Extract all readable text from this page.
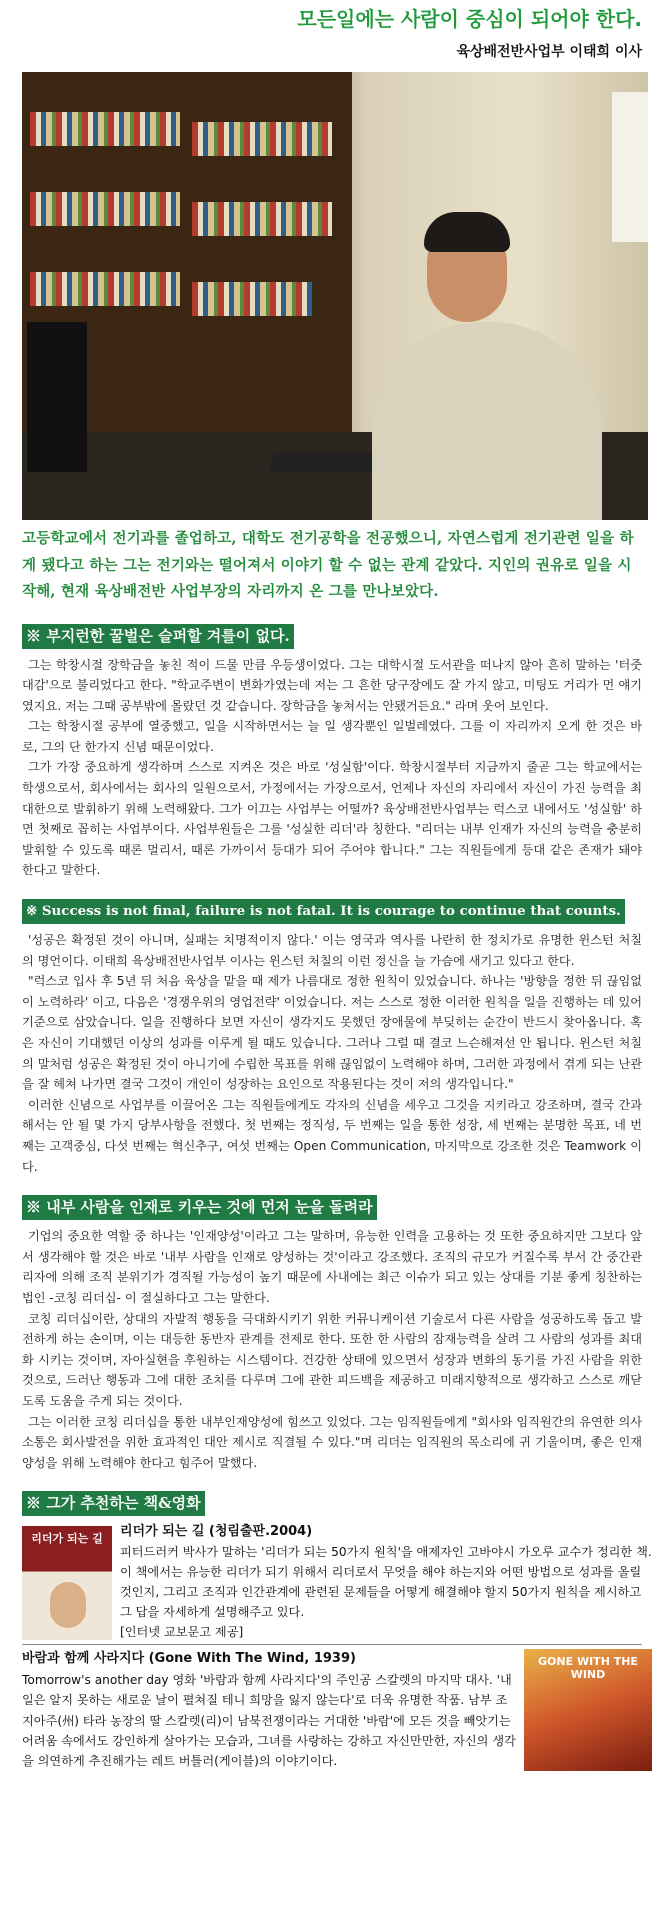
모든일에는 사람이 중심이 되어야 한다.
육상배전반사업부 이태희 이사
고등학교에서 전기과를 졸업하고, 대학도 전기공학을 전공했으니, 자연스럽게 전기관련 일을 하게 됐다고 하는 그는 전기와는 떨어져서 이야기 할 수 없는 관계 같았다. 지인의 권유로 일을 시작해, 현재 육상배전반 사업부장의 자리까지 온 그를 만나보았다.
※ 부지런한 꿀벌은 슬퍼할 겨를이 없다.

그는 학창시절 장학금을 놓친 적이 드물 만큼 우등생이었다. 그는 대학시절 도서관을 떠나지 않아 흔히 말하는 '터줏대감'으로 불리었다고 한다. "학교주변이 변화가였는데 저는 그 흔한 당구장에도 잘 가지 않고, 미팅도 거리가 먼 얘기였지요. 저는 그때 공부밖에 몰랐던 것 같습니다. 장학금을 놓쳐서는 안됐거든요." 라며 웃어 보인다.

그는 학창시절 공부에 열중했고, 일을 시작하면서는 늘 일 생각뿐인 일벌레였다. 그를 이 자리까지 오게 한 것은 바로, 그의 단 한가지 신념 때문이었다.

그가 가장 중요하게 생각하며 스스로 지켜온 것은 바로 '성실함'이다. 학창시절부터 지금까지 줄곧 그는 학교에서는 학생으로서, 회사에서는 회사의 일원으로서, 가정에서는 가장으로서, 언제나 자신의 자리에서 자신이 가진 능력을 최대한으로 발휘하기 위해 노력해왔다. 그가 이끄는 사업부는 어떨까? 육상배전반사업부는 럭스코 내에서도 '성실함' 하면 첫째로 꼽히는 사업부이다. 사업부원들은 그를 '성실한 리더'라 칭한다. "리더는 내부 인재가 자신의 능력을 충분히 발휘할 수 있도록 때론 멀리서, 때론 가까이서 등대가 되어 주어야 합니다." 그는 직원들에게 등대 같은 존재가 돼야 한다고 말한다.

※ Success is not final, failure is not fatal. It is courage to continue that counts.

'성공은 확정된 것이 아니며, 실패는 치명적이지 않다.' 이는 영국과 역사를 나란히 한 정치가로 유명한 윈스턴 처칠의 명언이다. 이태희 육상배전반사업부 이사는 윈스턴 처칠의 이런 정신을 늘 가슴에 새기고 있다고 한다.

"럭스코 입사 후 5년 뒤 처음 육상을 맡을 때 제가 나름대로 정한 원칙이 있었습니다. 하나는 '방향을 정한 뒤 끊임없이 노력하라' 이고, 다음은 '경쟁우위의 영업전략' 이었습니다. 저는 스스로 정한 이러한 원칙을 일을 진행하는 데 있어 기준으로 삼았습니다. 일을 진행하다 보면 자신이 생각지도 못했던 장애물에 부딪히는 순간이 반드시 찾아옵니다. 혹은 자신이 기대했던 이상의 성과를 이루게 될 때도 있습니다. 그러나 그럴 때 결코 느슨해져선 안 됩니다. 윈스턴 처칠의 말처럼 성공은 확정된 것이 아니기에 수립한 목표를 위해 끊임없이 노력해야 하며, 그러한 과정에서 겪게 되는 난관을 잘 헤쳐 나가면 결국 그것이 개인이 성장하는 요인으로 작용된다는 것이 저의 생각입니다."

이러한 신념으로 사업부를 이끌어온 그는 직원들에게도 각자의 신념을 세우고 그것을 지키라고 강조하며, 결국 간과해서는 안 될 몇 가지 당부사항을 전했다. 첫 번째는 정직성, 두 번째는 일을 통한 성장, 세 번째는 분명한 목표, 네 번째는 고객중심, 다섯 번째는 혁신추구, 여섯 번째는 Open Communication, 마지막으로 강조한 것은 Teamwork 이다.

※ 내부 사람을 인재로 키우는 것에 먼저 눈을 돌려라

기업의 중요한 역할 중 하나는 '인재양성'이라고 그는 말하며, 유능한 인력을 고용하는 것 또한 중요하지만 그보다 앞서 생각해야 할 것은 바로 '내부 사람을 인재로 양성하는 것'이라고 강조했다. 조직의 규모가 커질수록 부서 간 중간관리자에 의해 조직 분위기가 경직될 가능성이 높기 때문에 사내에는 최근 이슈가 되고 있는 상대를 기분 좋게 칭찬하는 법인 -코칭 리더십- 이 절실하다고 그는 말한다.

코칭 리더십이란, 상대의 자발적 행동을 극대화시키기 위한 커뮤니케이션 기술로서 다른 사람을 성공하도록 돕고 발전하게 하는 손이며, 이는 대등한 동반자 관계를 전제로 한다. 또한 한 사람의 잠재능력을 살려 그 사람의 성과를 최대화 시키는 것이며, 자아실현을 후원하는 시스템이다. 건강한 상태에 있으면서 성장과 변화의 동기를 가진 사람을 위한 것으로, 드러난 행동과 그에 대한 조치를 다루며 그에 관한 피드백을 제공하고 미래지향적으로 생각하고 스스로 깨닫도록 도움을 주게 되는 것이다.

그는 이러한 코칭 리더십을 통한 내부인재양성에 힘쓰고 있었다. 그는 임직원들에게 "회사와 임직원간의 유연한 의사소통은 회사발전을 위한 효과적인 대안 제시로 직결될 수 있다."며 리더는 임직원의 목소리에 귀 기울이며, 좋은 인재 양성을 위해 노력해야 한다고 힘주어 말했다.

※ 그가 추천하는 책&영화
리더가 되는 길	리더가 되는 길 (청림출판.2004)
피터드러커 박사가 말하는 '리더가 되는 50가지 원칙'을 애제자인 고바야시 가오루 교수가 정리한 책. 이 책에서는 유능한 리더가 되기 위해서 리더로서 무엇을 해야 하는지와 어떤 방법으로 성과를 올릴 것인지, 그리고 조직과 인간관계에 관련된 문제들을 어떻게 해결해야 할지 50가지 원칙을 제시하고 그 답을 자세하게 설명해주고 있다.
[인터넷 교보문고 제공]
바람과 함께 사라지다 (Gone With The Wind, 1939)
Tomorrow's another day 영화 '바람과 함께 사라지다'의 주인공 스칼렛의 마지막 대사. '내일은 알지 못하는 새로운 날이 펼쳐질 테니 희망을 잃지 않는다'로 더욱 유명한 작품. 남부 조지아주(州) 타라 농장의 딸 스칼렛(리)이 남북전쟁이라는 거대한 '바람'에 모든 것을 빼앗기는 어려움 속에서도 강인하게 살아가는 모습과, 그녀를 사랑하는 강하고 자신만만한, 자신의 생각을 의연하게 추진해가는 레트 버틀러(게이블)의 이야기이다.
GONE WITH THE WIND
